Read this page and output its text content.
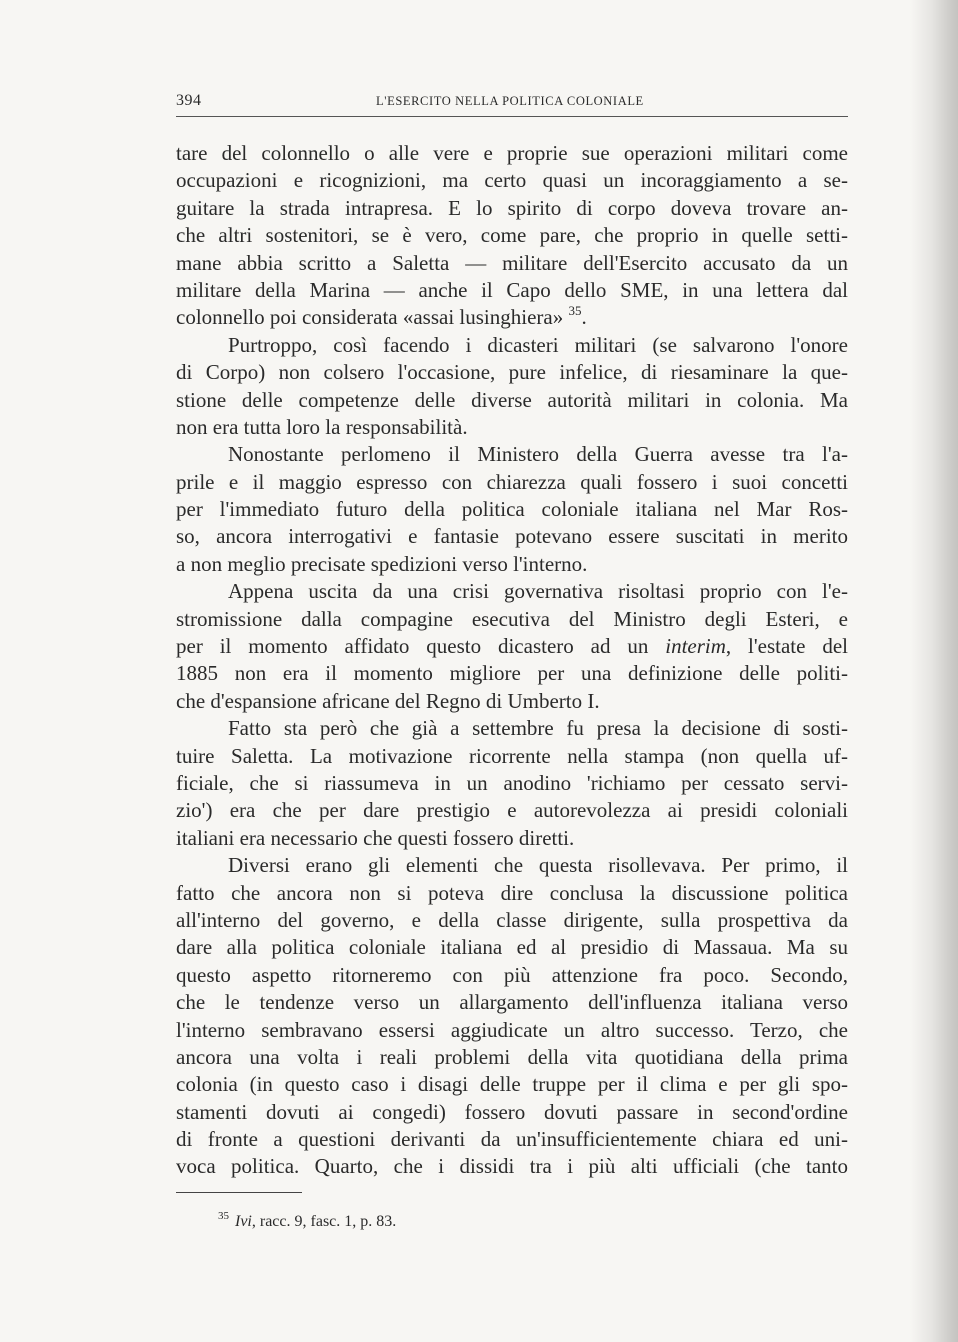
394	L'ESERCITO NELLA POLITICA COLONIALE
tare del colonnello o alle vere e proprie sue operazioni militari come
occupazioni e ricognizioni, ma certo quasi un incoraggiamento a se-
guitare la strada intrapresa. E lo spirito di corpo doveva trovare an-
che altri sostenitori, se è vero, come pare, che proprio in quelle setti-
mane abbia scritto a Saletta — militare dell'Esercito accusato da un
militare della Marina — anche il Capo dello SME, in una lettera dal
colonnello poi considerata «assai lusinghiera» $^{35}$.
Purtroppo, così facendo i dicasteri militari (se salvarono l'onore
di Corpo) non colsero l'occasione, pure infelice, di riesaminare la que-
stione delle competenze delle diverse autorità militari in colonia. Ma
non era tutta loro la responsabilità.
Nonostante perlomeno il Ministero della Guerra avesse tra l'a-
prile e il maggio espresso con chiarezza quali fossero i suoi concetti
per l'immediato futuro della politica coloniale italiana nel Mar Ros-
so, ancora interrogativi e fantasie potevano essere suscitati in merito
a non meglio precisate spedizioni verso l'interno.
Appena uscita da una crisi governativa risoltasi proprio con l'e-
stromissione dalla compagine esecutiva del Ministro degli Esteri, e
per il momento affidato questo dicastero ad un interim, l'estate del
1885 non era il momento migliore per una definizione delle politi-
che d'espansione africane del Regno di Umberto I.
Fatto sta però che già a settembre fu presa la decisione di sosti-
tuire Saletta. La motivazione ricorrente nella stampa (non quella uf-
ficiale, che si riassumeva in un anodino 'richiamo per cessato servi-
zio') era che per dare prestigio e autorevolezza ai presidi coloniali
italiani era necessario che questi fossero diretti.
Diversi erano gli elementi che questa risollevava. Per primo, il
fatto che ancora non si poteva dire conclusa la discussione politica
all'interno del governo, e della classe dirigente, sulla prospettiva da
dare alla politica coloniale italiana ed al presidio di Massaua. Ma su
questo aspetto ritorneremo con più attenzione fra poco. Secondo,
che le tendenze verso un allargamento dell'influenza italiana verso
l'interno sembravano essersi aggiudicate un altro successo. Terzo, che
ancora una volta i reali problemi della vita quotidiana della prima
colonia (in questo caso i disagi delle truppe per il clima e per gli spo-
stamenti dovuti ai congedi) fossero dovuti passare in second'ordine
di fronte a questioni derivanti da un'insufficientemente chiara ed uni-
voca politica. Quarto, che i dissidi tra i più alti ufficiali (che tanto
$^{35}$ Ivi, racc. 9, fasc. 1, p. 83.
